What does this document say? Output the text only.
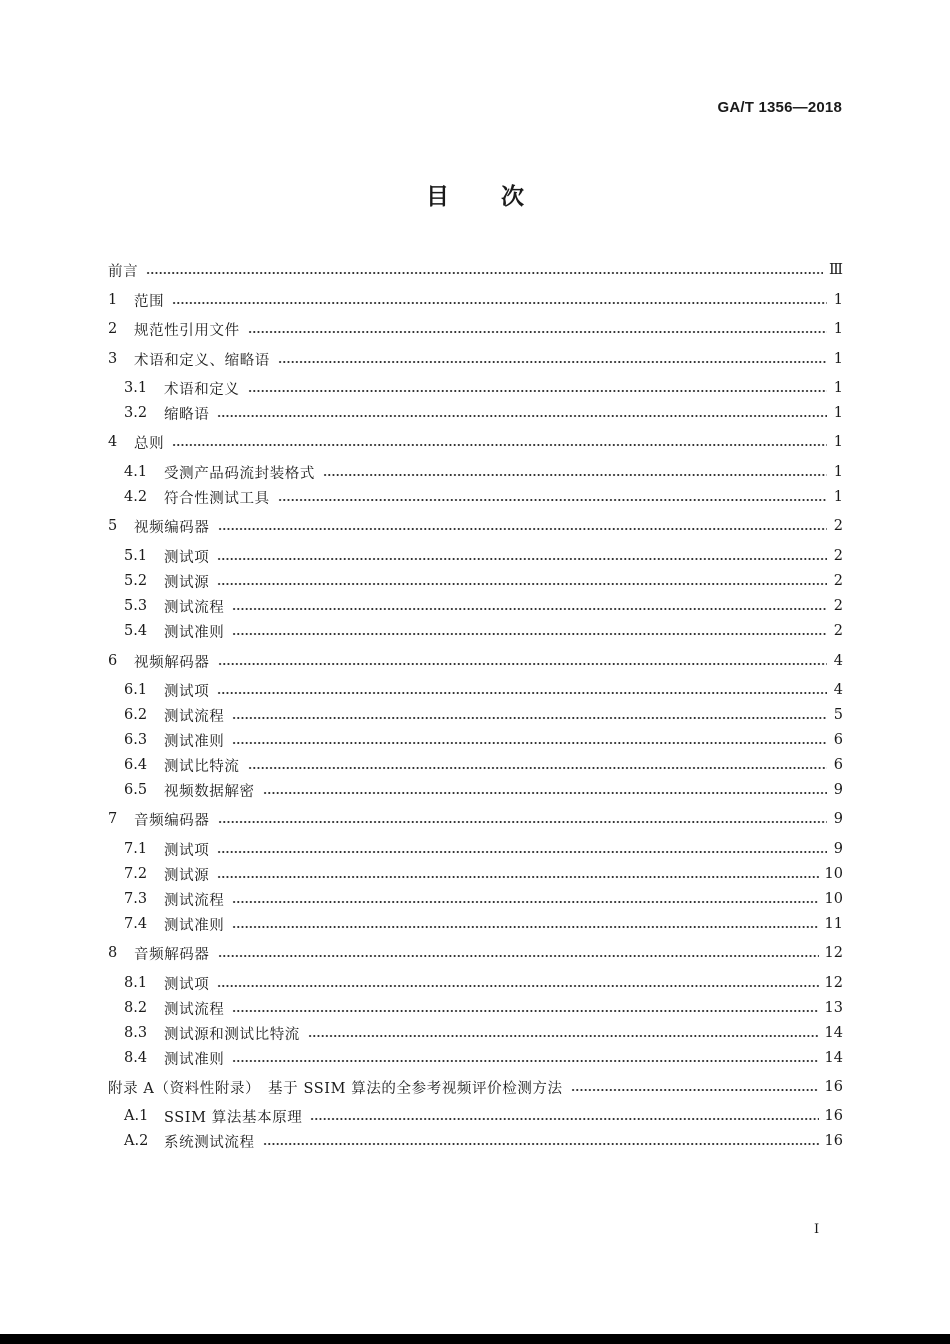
GA/T 1356—2018
目 次
前言	Ⅲ
1	范围	1
2	规范性引用文件	1
3	术语和定义、缩略语	1
3.1	术语和定义	1
3.2	缩略语	1
4	总则	1
4.1	受测产品码流封装格式	1
4.2	符合性测试工具	1
5	视频编码器	2
5.1	测试项	2
5.2	测试源	2
5.3	测试流程	2
5.4	测试准则	2
6	视频解码器	4
6.1	测试项	4
6.2	测试流程	5
6.3	测试准则	6
6.4	测试比特流	6
6.5	视频数据解密	9
7	音频编码器	9
7.1	测试项	9
7.2	测试源	10
7.3	测试流程	10
7.4	测试准则	11
8	音频解码器	12
8.1	测试项	12
8.2	测试流程	13
8.3	测试源和测试比特流	14
8.4	测试准则	14
附录 A（资料性附录）　基于 SSIM 算法的全参考视频评价检测方法	16
A.1	SSIM 算法基本原理	16
A.2	系统测试流程	16
I
